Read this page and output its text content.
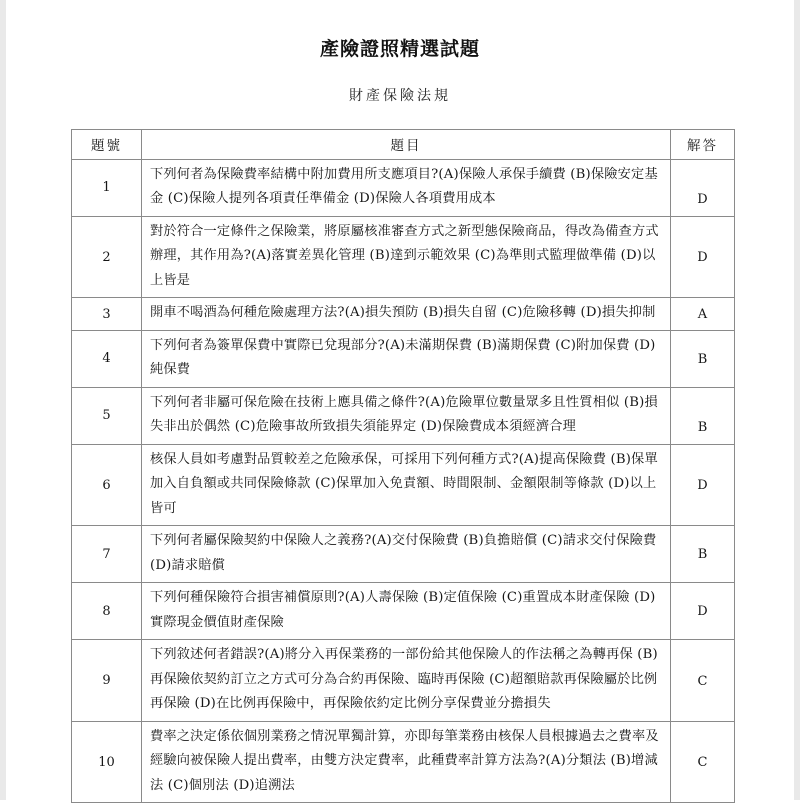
產險證照精選試題
財產保險法規
題號	題目	解答
1	下列何者為保險費率結構中附加費用所支應項目?(A)保險人承保手續費 (B)保險安定基金 (C)保險人提列各項責任準備金 (D)保險人各項費用成本	D
2	對於符合一定條件之保險業，將原屬核准審查方式之新型態保險商品，得改為備查方式辦理，其作用為?(A)落實差異化管理 (B)達到示範效果 (C)為準則式監理做準備 (D)以上皆是	D
3	開車不喝酒為何種危險處理方法?(A)損失預防 (B)損失自留 (C)危險移轉 (D)損失抑制	A
4	下列何者為簽單保費中實際已兌現部分?(A)未滿期保費 (B)滿期保費 (C)附加保費 (D)純保費	B
5	下列何者非屬可保危險在技術上應具備之條件?(A)危險單位數量眾多且性質相似 (B)損失非出於偶然 (C)危險事故所致損失須能界定 (D)保險費成本須經濟合理	B
6	核保人員如考慮對品質較差之危險承保，可採用下列何種方式?(A)提高保險費 (B)保單加入自負額或共同保險條款 (C)保單加入免責額、時間限制、金額限制等條款 (D)以上皆可	D
7	下列何者屬保險契約中保險人之義務?(A)交付保險費 (B)負擔賠償 (C)請求交付保險費 (D)請求賠償	B
8	下列何種保險符合損害補償原則?(A)人壽保險 (B)定值保險 (C)重置成本財產保險 (D)實際現金價值財產保險	D
9	下列敘述何者錯誤?(A)將分入再保業務的一部份給其他保險人的作法稱之為轉再保 (B)再保險依契約訂立之方式可分為合約再保險、臨時再保險 (C)超額賠款再保險屬於比例再保險 (D)在比例再保險中，再保險依約定比例分享保費並分擔損失	C
10	費率之決定係依個別業務之情況單獨計算，亦即每筆業務由核保人員根據過去之費率及經驗向被保險人提出費率，由雙方決定費率，此種費率計算方法為?(A)分類法 (B)增減法 (C)個別法 (D)追溯法	C
